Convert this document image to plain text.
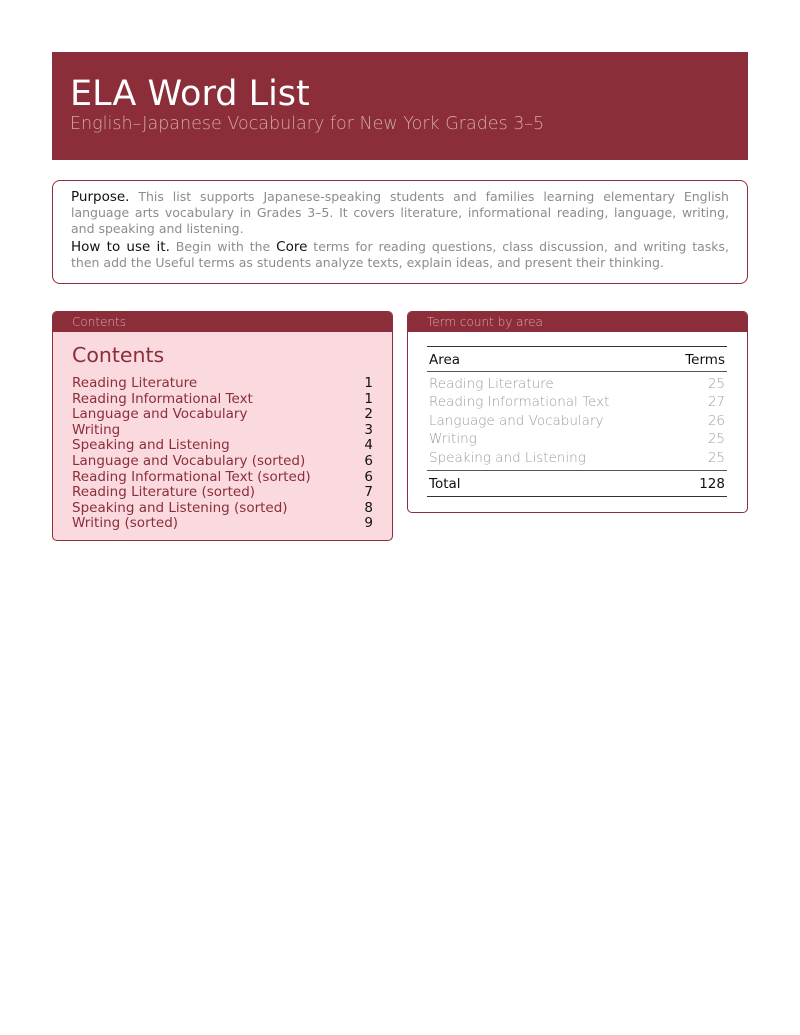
ELA Word List
English–Japanese Vocabulary for New York Grades 3–5

Purpose. This list supports Japanese-speaking students and families learning elementary English language arts vocabulary in Grades 3–5. It covers literature, informational reading, language, writing, and speaking and listening.

How to use it. Begin with the Core terms for reading questions, class discussion, and writing tasks, then add the Useful terms as students analyze texts, explain ideas, and present their thinking.

Contents
Contents
Reading Literature	1
Reading Informational Text	1
Language and Vocabulary	2
Writing	3
Speaking and Listening	4
Language and Vocabulary (sorted)	6
Reading Informational Text (sorted)	6
Reading Literature (sorted)	7
Speaking and Listening (sorted)	8
Writing (sorted)	9
Term count by area
Area	Terms
Reading Literature	25
Reading Informational Text	27
Language and Vocabulary	26
Writing	25
Speaking and Listening	25
Total	128
